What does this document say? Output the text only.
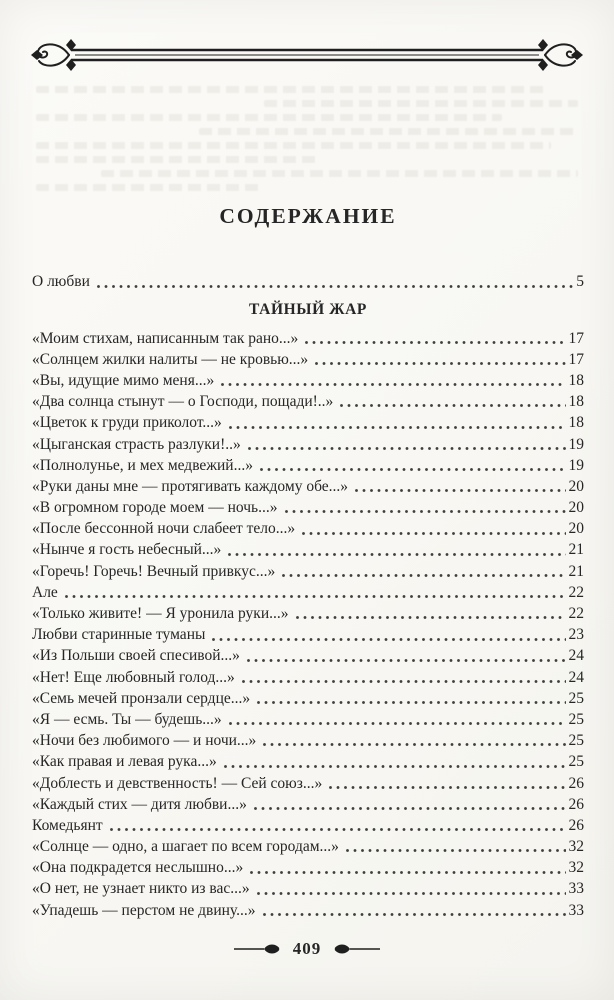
СОДЕРЖАНИЕ
О любви	5
ТАЙНЫЙ ЖАР
«Моим стихам, написанным так рано...»	17
«Солнцем жилки налиты — не кровью...»	17
«Вы, идущие мимо меня...»	18
«Два солнца стынут — о Господи, пощади!..»	18
«Цветок к груди приколот...»	18
«Цыганская страсть разлуки!..»	19
«Полнолунье, и мех медвежий...»	19
«Руки даны мне — протягивать каждому обе...»	20
«В огромном городе моем — ночь...»	20
«После бессонной ночи слабеет тело...»	20
«Нынче я гость небесный...»	21
«Горечь! Горечь! Вечный привкус...»	21
Але	22
«Только живите! — Я уронила руки...»	22
Любви старинные туманы	23
«Из Польши своей спесивой...»	24
«Нет! Еще любовный голод...»	24
«Семь мечей пронзали сердце...»	25
«Я — есмь. Ты — будешь...»	25
«Ночи без любимого — и ночи...»	25
«Как правая и левая рука...»	25
«Доблесть и девственность! — Сей союз...»	26
«Каждый стих — дитя любви...»	26
Комедьянт	26
«Солнце — одно, а шагает по всем городам...»	32
«Она подкрадется неслышно...»	32
«О нет, не узнает никто из вас...»	33
«Упадешь — перстом не двину...»	33
409
